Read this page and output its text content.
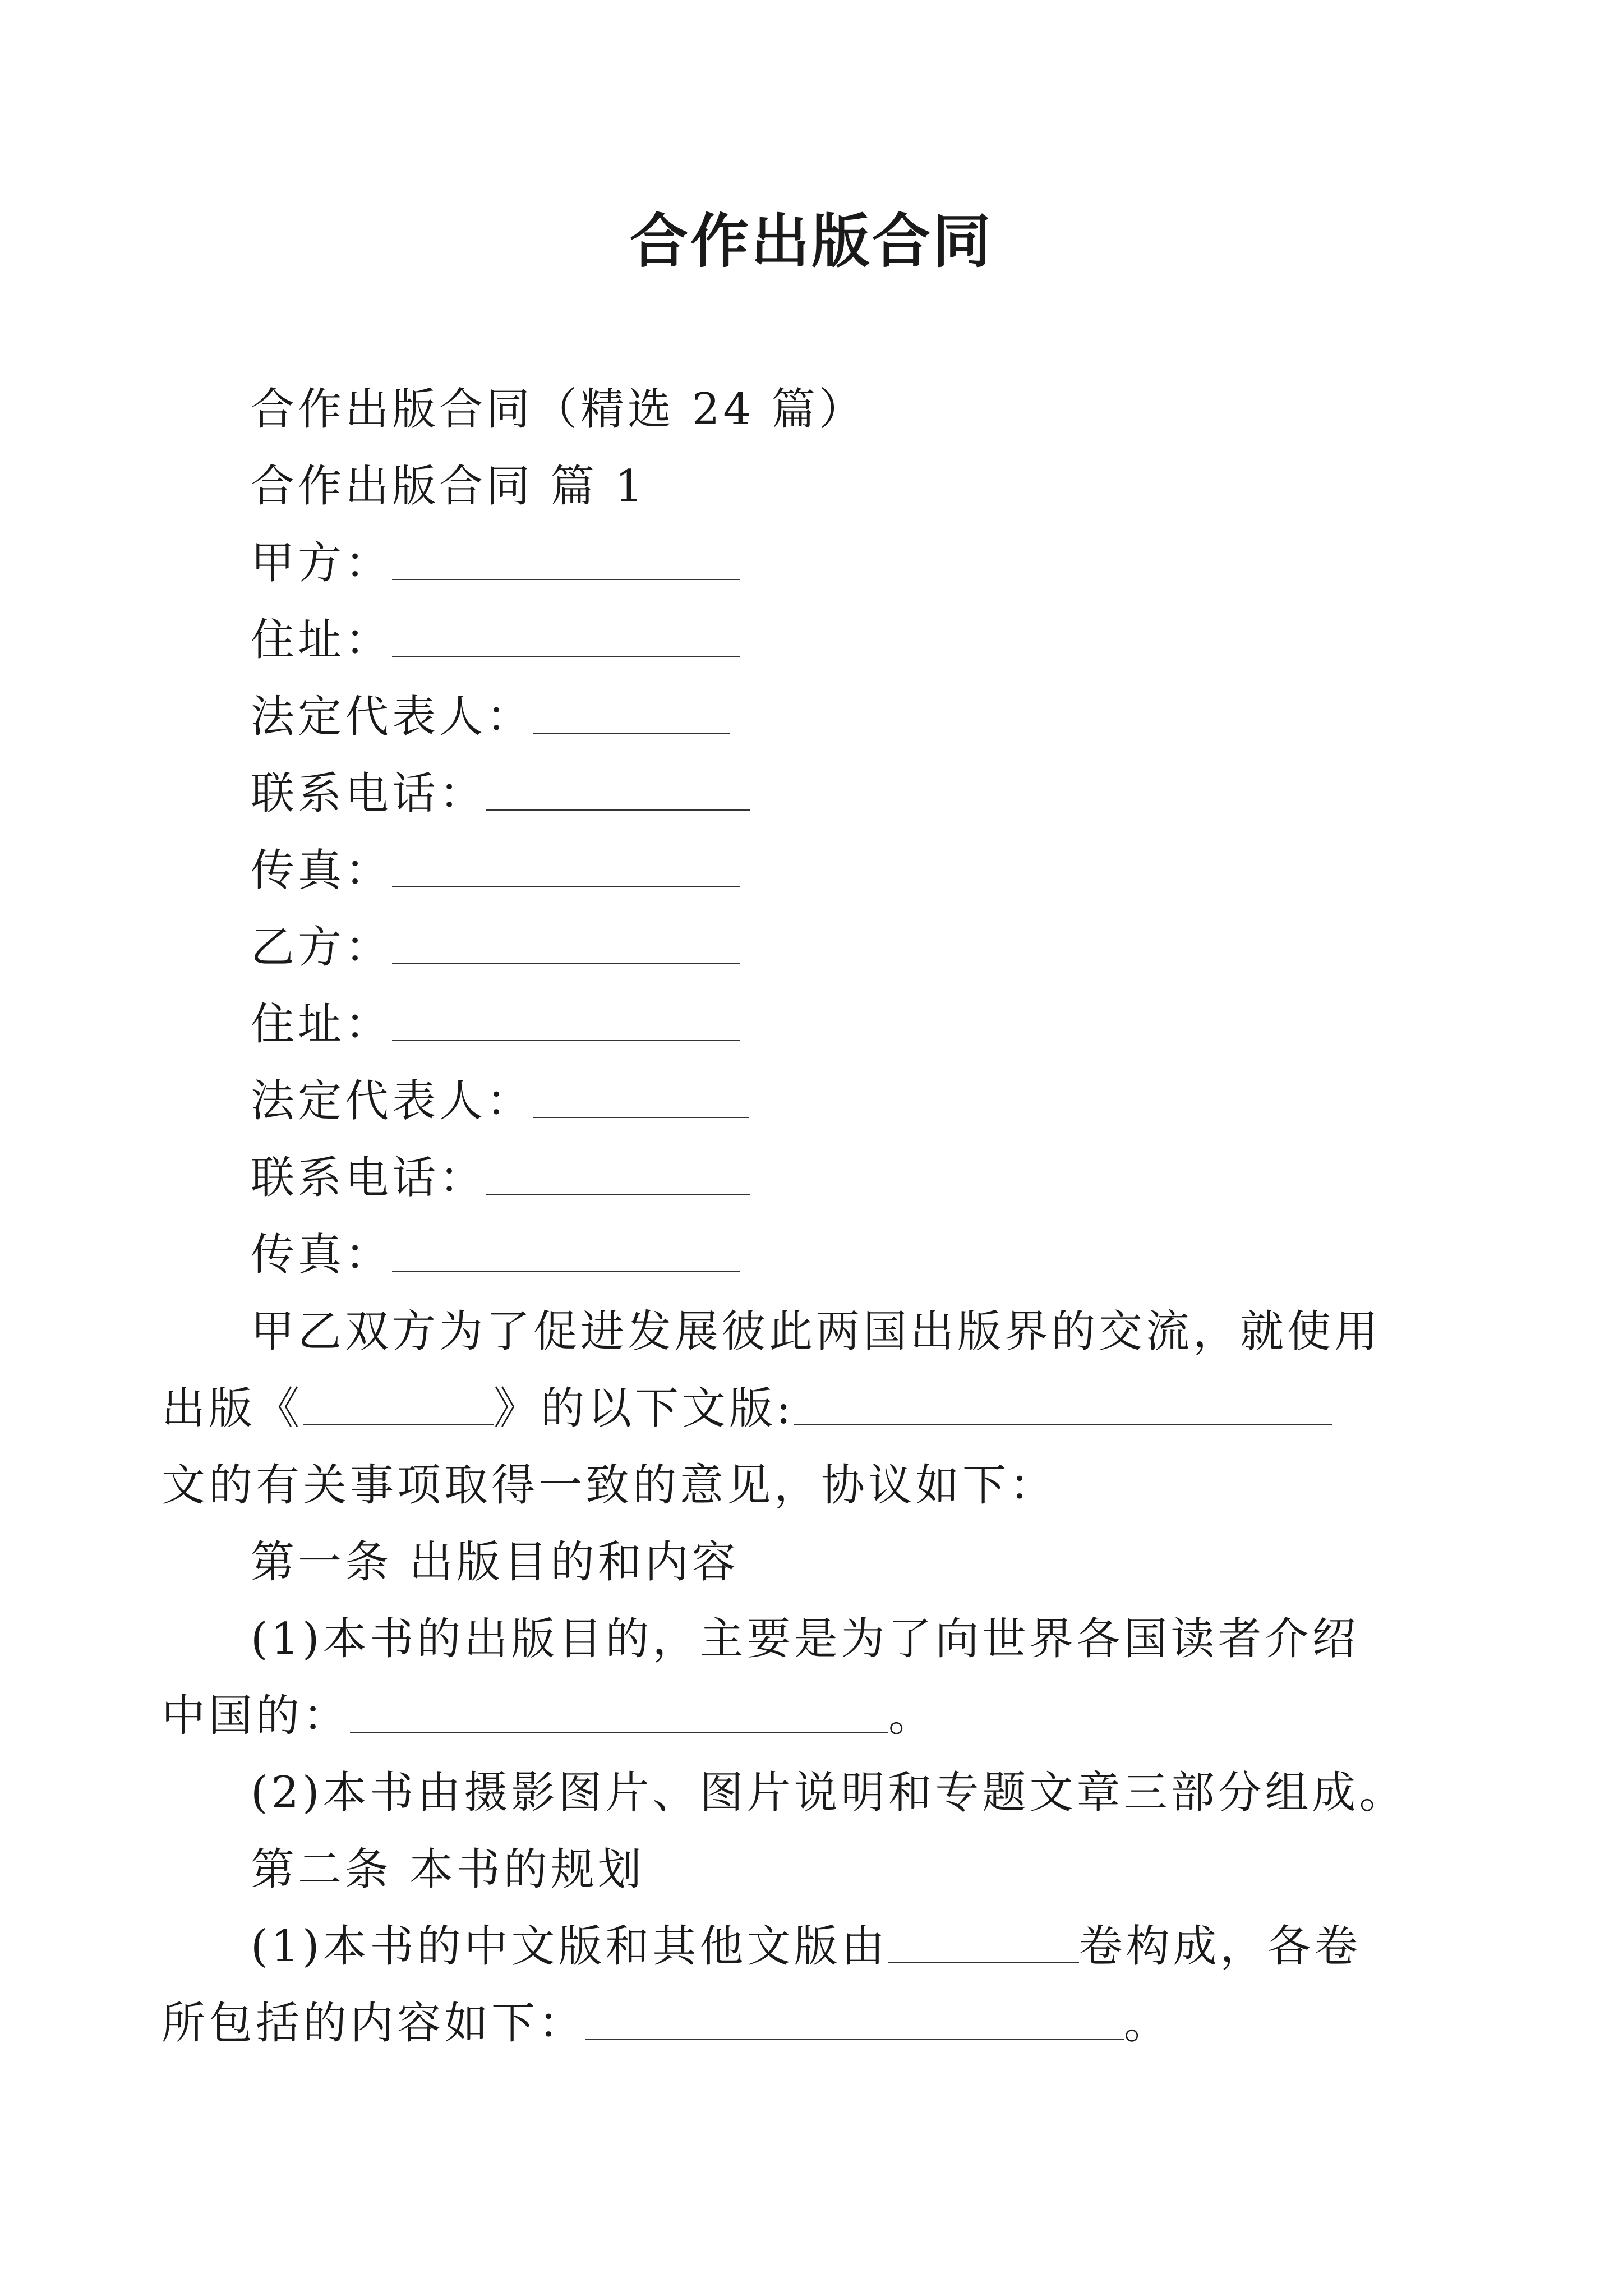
合作出版合同
合作出版合同（精选 24 篇）
合作出版合同 篇 1
甲方：
住址：
法定代表人：
联系电话：
传真：
乙方：
住址：
法定代表人：
联系电话：
传真：
甲乙双方为了促进发展彼此两国出版界的交流，就使用
出版《	》的以下文版:
文的有关事项取得一致的意见，协议如下：
第一条 出版目的和内容
(1)本书的出版目的，主要是为了向世界各国读者介绍
中国的：	。
(2)本书由摄影图片、图片说明和专题文章三部分组成。
第二条 本书的规划
(1)本书的中文版和其他文版由	卷构成，各卷
所包括的内容如下：	。
